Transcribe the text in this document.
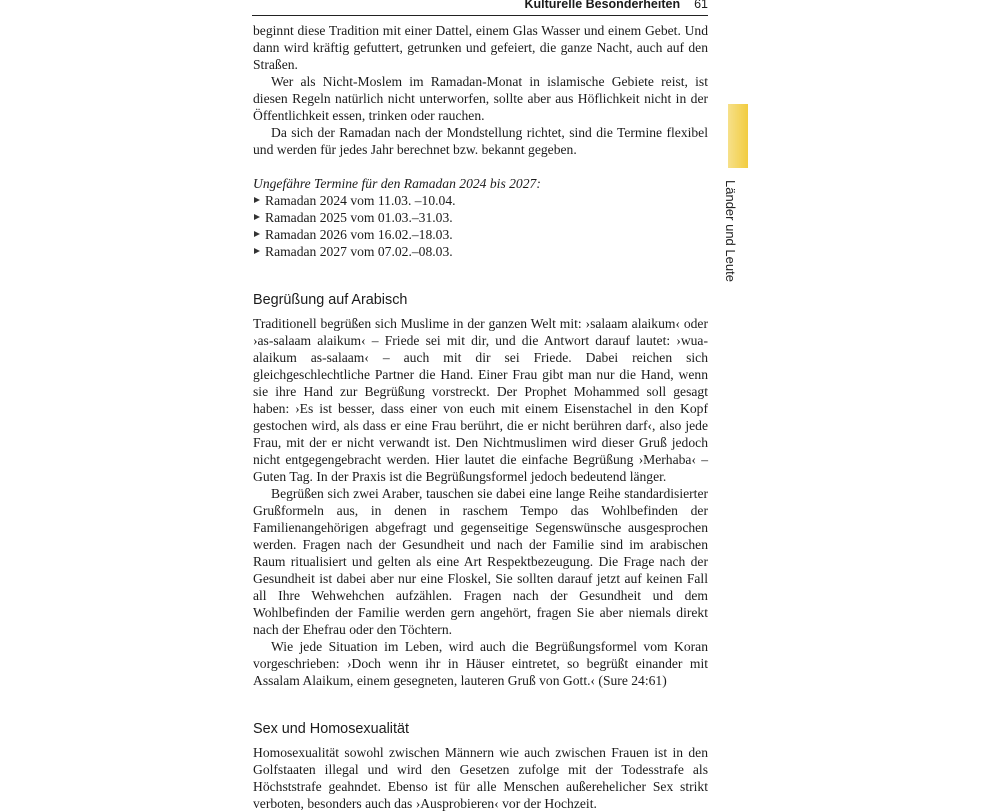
Kulturelle Besonderheiten 61
Länder und Leute

beginnt diese Tradition mit einer Dattel, einem Glas Wasser und einem Gebet. Und dann wird kräftig gefuttert, getrunken und gefeiert, die ganze Nacht, auch auf den Straßen.

Wer als Nicht-Moslem im Ramadan-Monat in islamische Gebiete reist, ist diesen Regeln natürlich nicht unterworfen, sollte aber aus Höflichkeit nicht in der Öffentlichkeit essen, trinken oder rauchen.

Da sich der Ramadan nach der Mondstellung richtet, sind die Termine flexibel und werden für jedes Jahr berechnet bzw. bekannt gegeben.

Ungefähre Termine für den Ramadan 2024 bis 2027:

Ramadan 2024 vom 11.03. –10.04.
Ramadan 2025 vom 01.03.–31.03.
Ramadan 2026 vom 16.02.–18.03.
Ramadan 2027 vom 07.02.–08.03.
Begrüßung auf Arabisch

Traditionell begrüßen sich Muslime in der ganzen Welt mit: ›salaam alaikum‹ oder ›as-salaam alaikum‹ – Friede sei mit dir, und die Antwort darauf lautet: ›wua-alaikum as-salaam‹ – auch mit dir sei Friede. Dabei reichen sich gleichgeschlechtliche Partner die Hand. Einer Frau gibt man nur die Hand, wenn sie ihre Hand zur Begrüßung vorstreckt. Der Prophet Mohammed soll gesagt haben: ›Es ist besser, dass einer von euch mit einem Eisenstachel in den Kopf gestochen wird, als dass er eine Frau berührt, die er nicht berühren darf‹, also jede Frau, mit der er nicht verwandt ist. Den Nichtmuslimen wird dieser Gruß jedoch nicht entgegengebracht werden. Hier lautet die einfache Begrüßung ›Merhaba‹ – Guten Tag. In der Praxis ist die Begrüßungsformel jedoch bedeutend länger.

Begrüßen sich zwei Araber, tauschen sie dabei eine lange Reihe standardisierter Grußformeln aus, in denen in raschem Tempo das Wohlbefinden der Familienangehörigen abgefragt und gegenseitige Segenswünsche ausgesprochen werden. Fragen nach der Gesundheit und nach der Familie sind im arabischen Raum ritualisiert und gelten als eine Art Respektbezeugung. Die Frage nach der Gesundheit ist dabei aber nur eine Floskel, Sie sollten darauf jetzt auf keinen Fall all Ihre Wehwehchen aufzählen. Fragen nach der Gesundheit und dem Wohlbefinden der Familie werden gern angehört, fragen Sie aber niemals direkt nach der Ehefrau oder den Töchtern.

Wie jede Situation im Leben, wird auch die Begrüßungsformel vom Koran vorgeschrieben: ›Doch wenn ihr in Häuser eintretet, so begrüßt einander mit Assalam Alaikum, einem gesegneten, lauteren Gruß von Gott.‹ (Sure 24:61)

Sex und Homosexualität

Homosexualität sowohl zwischen Männern wie auch zwischen Frauen ist in den Golfstaaten illegal und wird den Gesetzen zufolge mit der Todesstrafe als Höchststrafe geahndet. Ebenso ist für alle Menschen außerehelicher Sex strikt verboten, besonders auch das ›Ausprobieren‹ vor der Hochzeit.
